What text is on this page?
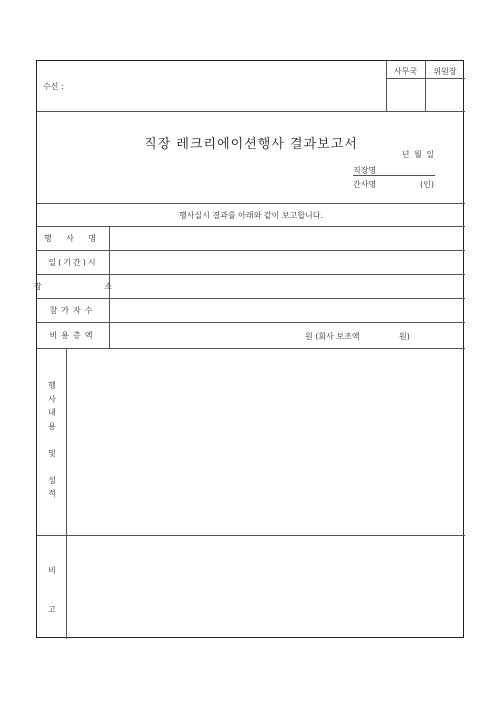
수신 :
사무국	위원장
직장 레크리에이션행사 결과보고서
년 월 일
직장명
간사명	(인)
행사실시 결과를 아래와 같이 보고합니다.
행 사 명
일(기간)시
장 소
참가자수
비용총액	원 (회사 보조액	원)
행
사
내
용

및

성
적
비

고
